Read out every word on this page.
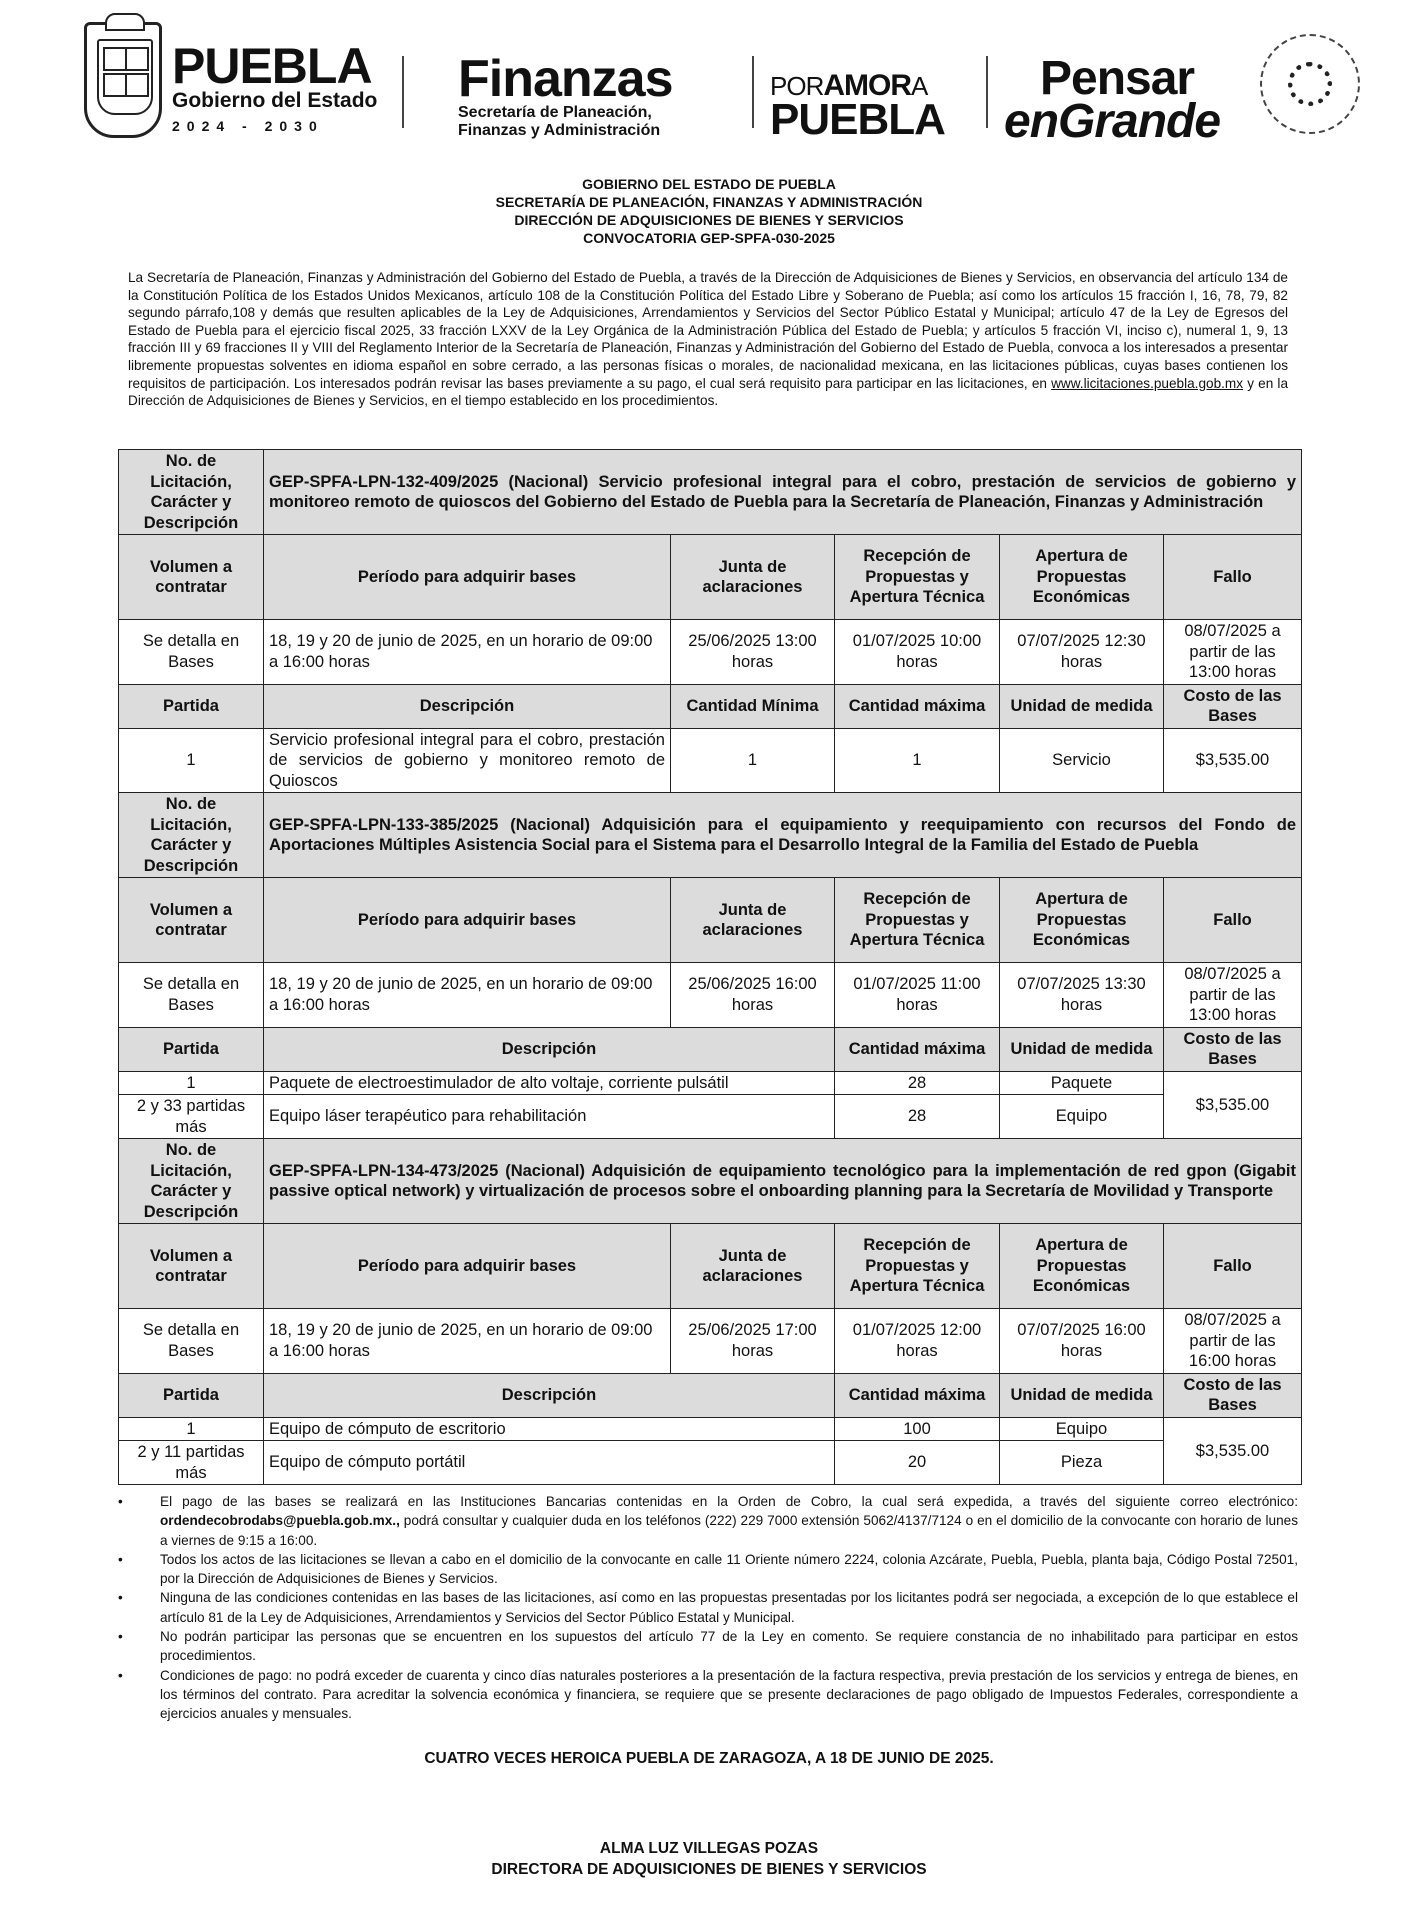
PUEBLA
Gobierno del Estado
2024 - 2030
Finanzas
Secretaría de Planeación,
Finanzas y Administración
PORAMORA
PUEBLA
Pensar
enGrande
GOBIERNO DEL ESTADO DE PUEBLA
SECRETARÍA DE PLANEACIÓN, FINANZAS Y ADMINISTRACIÓN
DIRECCIÓN DE ADQUISICIONES DE BIENES Y SERVICIOS
CONVOCATORIA GEP-SPFA-030-2025
La Secretaría de Planeación, Finanzas y Administración del Gobierno del Estado de Puebla, a través de la Dirección de Adquisiciones de Bienes y Servicios, en observancia del artículo 134 de la Constitución Política de los Estados Unidos Mexicanos, artículo 108 de la Constitución Política del Estado Libre y Soberano de Puebla; así como los artículos 15 fracción I, 16, 78, 79, 82 segundo párrafo,108 y demás que resulten aplicables de la Ley de Adquisiciones, Arrendamientos y Servicios del Sector Público Estatal y Municipal; artículo 47 de la Ley de Egresos del Estado de Puebla para el ejercicio fiscal 2025, 33 fracción LXXV de la Ley Orgánica de la Administración Pública del Estado de Puebla; y artículos 5 fracción VI, inciso c), numeral 1, 9, 13 fracción III y 69 fracciones II y VIII del Reglamento Interior de la Secretaría de Planeación, Finanzas y Administración del Gobierno del Estado de Puebla, convoca a los interesados a presentar libremente propuestas solventes en idioma español en sobre cerrado, a las personas físicas o morales, de nacionalidad mexicana, en las licitaciones públicas, cuyas bases contienen los requisitos de participación. Los interesados podrán revisar las bases previamente a su pago, el cual será requisito para participar en las licitaciones, en www.licitaciones.puebla.gob.mx y en la Dirección de Adquisiciones de Bienes y Servicios, en el tiempo establecido en los procedimientos.
No. de Licitación, Carácter y Descripción	GEP-SPFA-LPN-132-409/2025 (Nacional) Servicio profesional integral para el cobro, prestación de servicios de gobierno y monitoreo remoto de quioscos del Gobierno del Estado de Puebla para la Secretaría de Planeación, Finanzas y Administración				
Volumen a contratar	Período para adquirir bases	Junta de aclaraciones	Recepción de Propuestas y Apertura Técnica	Apertura de Propuestas Económicas	Fallo
Se detalla en Bases	18, 19 y 20 de junio de 2025, en un horario de 09:00 a 16:00 horas	25/06/2025 13:00 horas	01/07/2025 10:00 horas	07/07/2025 12:30 horas	08/07/2025 a partir de las 13:00 horas
Partida	Descripción	Cantidad Mínima	Cantidad máxima	Unidad de medida	Costo de las Bases
1	Servicio profesional integral para el cobro, prestación de servicios de gobierno y monitoreo remoto de Quioscos	1	1	Servicio	$3,535.00
No. de Licitación, Carácter y Descripción	GEP-SPFA-LPN-133-385/2025 (Nacional) Adquisición para el equipamiento y reequipamiento con recursos del Fondo de Aportaciones Múltiples Asistencia Social para el Sistema para el Desarrollo Integral de la Familia del Estado de Puebla				
Volumen a contratar	Período para adquirir bases	Junta de aclaraciones	Recepción de Propuestas y Apertura Técnica	Apertura de Propuestas Económicas	Fallo
Se detalla en Bases	18, 19 y 20 de junio de 2025, en un horario de 09:00 a 16:00 horas	25/06/2025 16:00 horas	01/07/2025 11:00 horas	07/07/2025 13:30 horas	08/07/2025 a partir de las 13:00 horas
Partida	Descripción		Cantidad máxima	Unidad de medida	Costo de las Bases
1	Paquete de electroestimulador de alto voltaje, corriente pulsátil		28	Paquete	$3,535.00
2 y 33 partidas más	Equipo láser terapéutico para rehabilitación		28	Equipo	
No. de Licitación, Carácter y Descripción	GEP-SPFA-LPN-134-473/2025 (Nacional) Adquisición de equipamiento tecnológico para la implementación de red gpon (Gigabit passive optical network) y virtualización de procesos sobre el onboarding planning para la Secretaría de Movilidad y Transporte				
Volumen a contratar	Período para adquirir bases	Junta de aclaraciones	Recepción de Propuestas y Apertura Técnica	Apertura de Propuestas Económicas	Fallo
Se detalla en Bases	18, 19 y 20 de junio de 2025, en un horario de 09:00 a 16:00 horas	25/06/2025 17:00 horas	01/07/2025 12:00 horas	07/07/2025 16:00 horas	08/07/2025 a partir de las 16:00 horas
Partida	Descripción		Cantidad máxima	Unidad de medida	Costo de las Bases
1	Equipo de cómputo de escritorio		100	Equipo	$3,535.00
2 y 11 partidas más	Equipo de cómputo portátil		20	Pieza	
•	El pago de las bases se realizará en las Instituciones Bancarias contenidas en la Orden de Cobro, la cual será expedida, a través del siguiente correo electrónico: ordendecobrodabs@puebla.gob.mx., podrá consultar y cualquier duda en los teléfonos (222) 229 7000 extensión 5062/4137/7124 o en el domicilio de la convocante con horario de lunes a viernes de 9:15 a 16:00.
•	Todos los actos de las licitaciones se llevan a cabo en el domicilio de la convocante en calle 11 Oriente número 2224, colonia Azcárate, Puebla, Puebla, planta baja, Código Postal 72501, por la Dirección de Adquisiciones de Bienes y Servicios.
•	Ninguna de las condiciones contenidas en las bases de las licitaciones, así como en las propuestas presentadas por los licitantes podrá ser negociada, a excepción de lo que establece el artículo 81 de la Ley de Adquisiciones, Arrendamientos y Servicios del Sector Público Estatal y Municipal.
•	No podrán participar las personas que se encuentren en los supuestos del artículo 77 de la Ley en comento. Se requiere constancia de no inhabilitado para participar en estos procedimientos.
•	Condiciones de pago: no podrá exceder de cuarenta y cinco días naturales posteriores a la presentación de la factura respectiva, previa prestación de los servicios y entrega de bienes, en los términos del contrato. Para acreditar la solvencia económica y financiera, se requiere que se presente declaraciones de pago obligado de Impuestos Federales, correspondiente a ejercicios anuales y mensuales.
CUATRO VECES HEROICA PUEBLA DE ZARAGOZA, A 18 DE JUNIO DE 2025.
ALMA LUZ VILLEGAS POZAS
DIRECTORA DE ADQUISICIONES DE BIENES Y SERVICIOS
